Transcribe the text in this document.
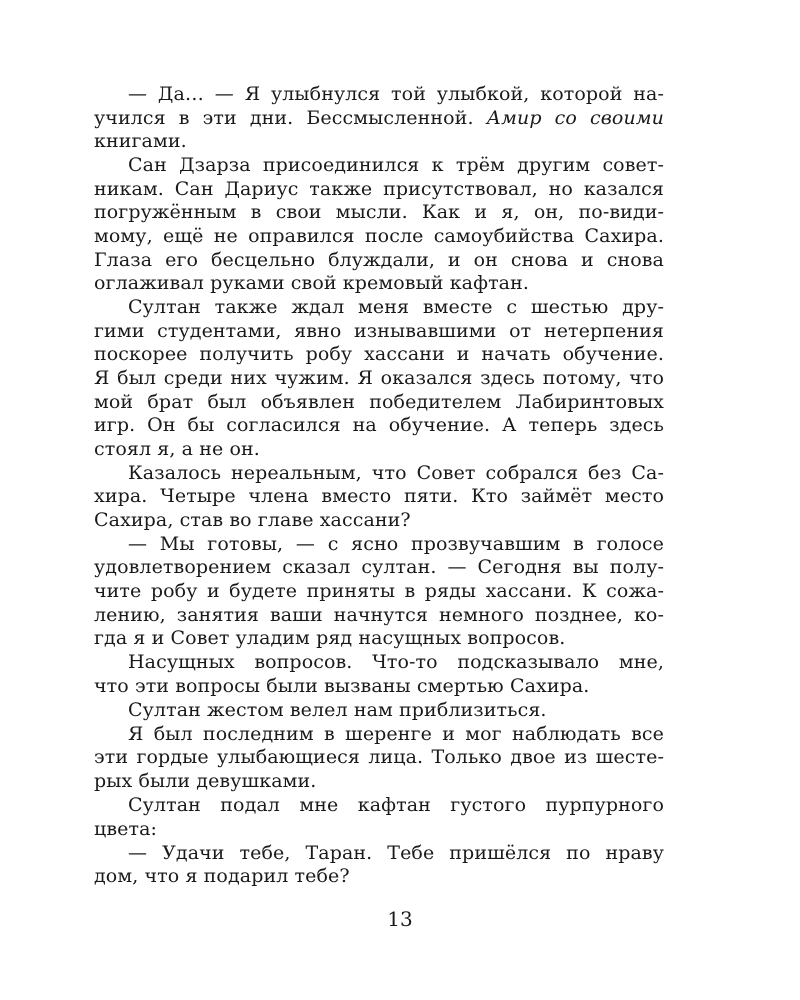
— Да… — Я улыбнулся той улыбкой, которой на-
учился в эти дни. Бессмысленной. Амир со своими
книгами.
Сан Дзарза присоединился к трём другим совет-
никам. Сан Дариус также присутствовал, но казался
погружённым в свои мысли. Как и я, он, по-види-
мому, ещё не оправился после самоубийства Сахира.
Глаза его бесцельно блуждали, и он снова и снова
оглаживал руками свой кремовый кафтан.
Султан также ждал меня вместе с шестью дру-
гими студентами, явно изнывавшими от нетерпения
поскорее получить робу хассани и начать обучение.
Я был среди них чужим. Я оказался здесь потому, что
мой брат был объявлен победителем Лабиринтовых
игр. Он бы согласился на обучение. А теперь здесь
стоял я, а не он.
Казалось нереальным, что Совет собрался без Са-
хира. Четыре члена вместо пяти. Кто займёт место
Сахира, став во главе хассани?
— Мы готовы, — с ясно прозвучавшим в голосе
удовлетворением сказал султан. — Сегодня вы полу-
чите робу и будете приняты в ряды хассани. К сожа-
лению, занятия ваши начнутся немного позднее, ко-
гда я и Совет уладим ряд насущных вопросов.
Насущных вопросов. Что-то подсказывало мне,
что эти вопросы были вызваны смертью Сахира.
Султан жестом велел нам приблизиться.
Я был последним в шеренге и мог наблюдать все
эти гордые улыбающиеся лица. Только двое из шесте-
рых были девушками.
Султан подал мне кафтан густого пурпурного
цвета:
— Удачи тебе, Таран. Тебе пришёлся по нраву
дом, что я подарил тебе?
13
